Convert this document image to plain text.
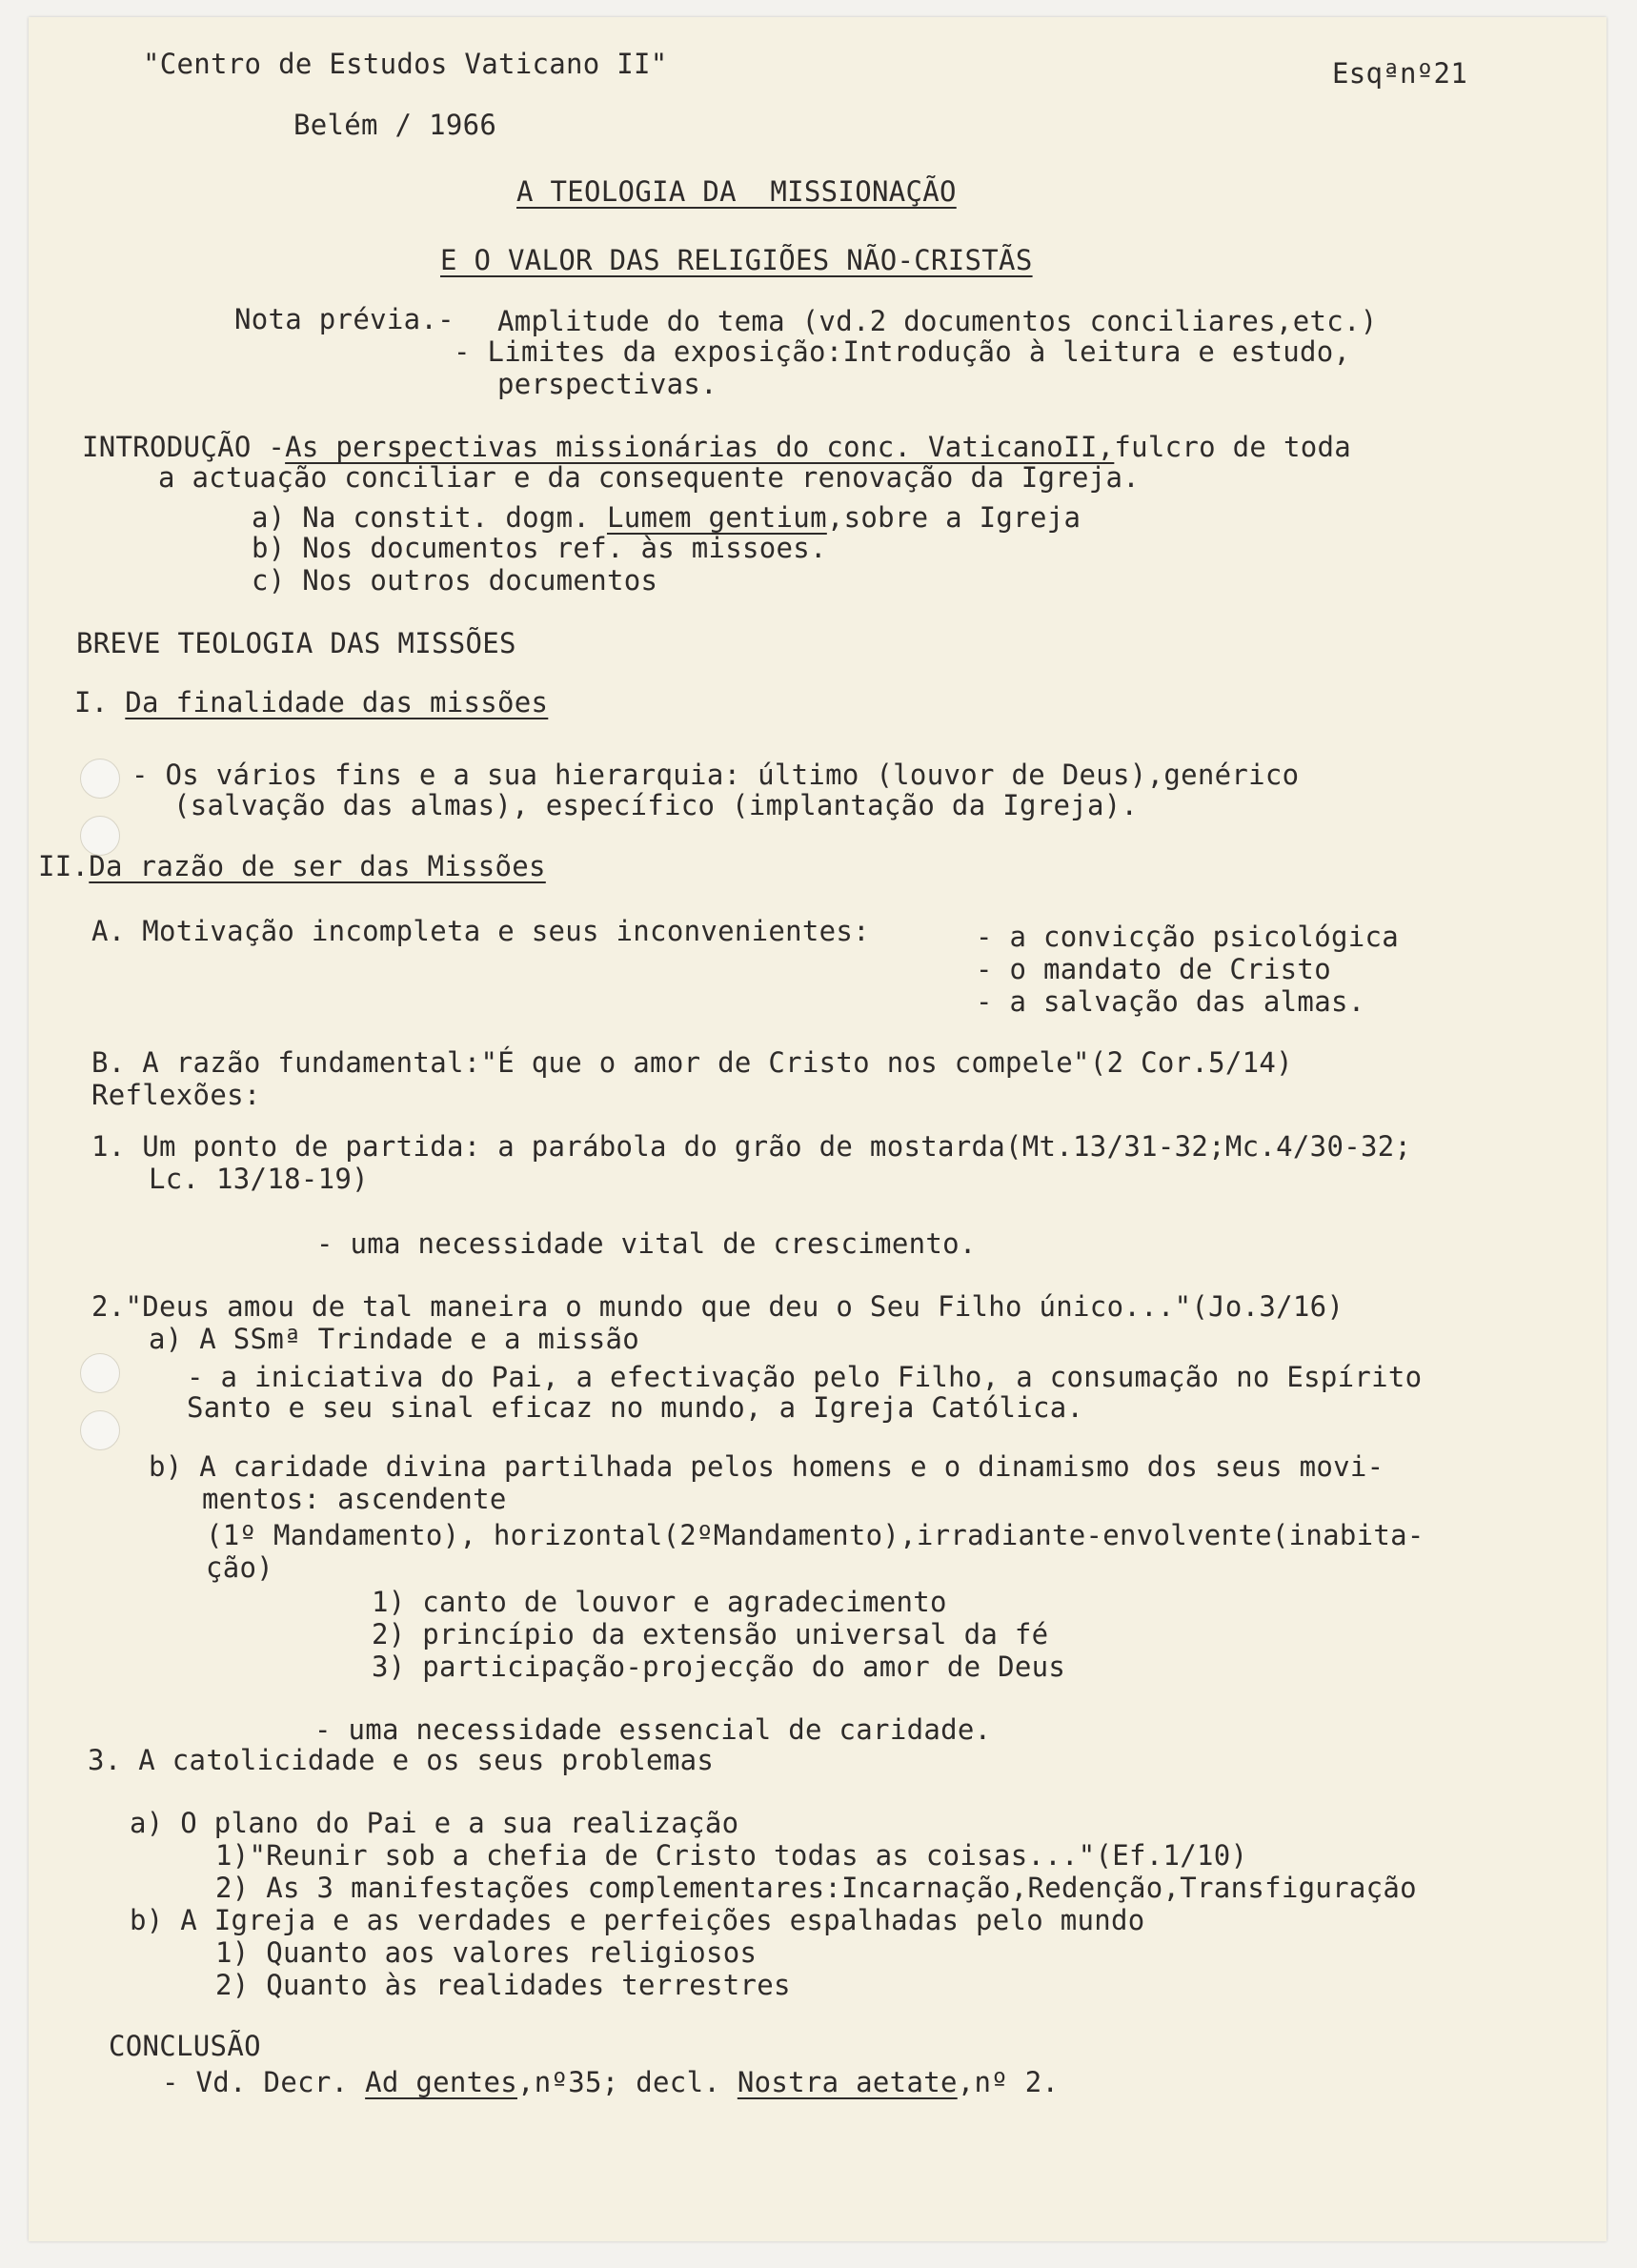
"Centro de Estudos Vaticano II"	Esqªnº21
Belém / 1966
A TEOLOGIA DA  MISSIONAÇÃO
E O VALOR DAS RELIGIÕES NÃO-CRISTÃS
Nota prévia.- Amplitude do tema (vd.2 documentos conciliares,etc.)
- Limites da exposição:Introdução à leitura e estudo,
perspectivas.
INTRODUÇÃO -As perspectivas missionárias do conc. VaticanoII,fulcro de toda
a actuação conciliar e da consequente renovação da Igreja.
a) Na constit. dogm. Lumem gentium,sobre a Igreja
b) Nos documentos ref. às missoes.
c) Nos outros documentos
BREVE TEOLOGIA DAS MISSÕES
I. Da finalidade das missões
- Os vários fins e a sua hierarquia: último (louvor de Deus),genérico
(salvação das almas), específico (implantação da Igreja).
II.Da razão de ser das Missões
A. Motivação incompleta e seus inconvenientes:	- a convicção psicológica
- o mandato de Cristo
- a salvação das almas.
B. A razão fundamental:"É que o amor de Cristo nos compele"(2 Cor.5/14)
Reflexões:
1. Um ponto de partida: a parábola do grão de mostarda(Mt.13/31-32;Mc.4/30-32;
Lc. 13/18-19)
- uma necessidade vital de crescimento.
2."Deus amou de tal maneira o mundo que deu o Seu Filho único..."(Jo.3/16)
a) A SSmª Trindade e a missão
- a iniciativa do Pai, a efectivação pelo Filho, a consumação no Espírito
Santo e seu sinal eficaz no mundo, a Igreja Católica.
b) A caridade divina partilhada pelos homens e o dinamismo dos seus movi-
mentos: ascendente
(1º Mandamento), horizontal(2ºMandamento),irradiante-envolvente(inabita-
ção)
1) canto de louvor e agradecimento
2) princípio da extensão universal da fé
3) participação-projecção do amor de Deus
- uma necessidade essencial de caridade.
3. A catolicidade e os seus problemas
a) O plano do Pai e a sua realização
1)"Reunir sob a chefia de Cristo todas as coisas..."(Ef.1/10)
2) As 3 manifestações complementares:Incarnação,Redenção,Transfiguração
b) A Igreja e as verdades e perfeições espalhadas pelo mundo
1) Quanto aos valores religiosos
2) Quanto às realidades terrestres
CONCLUSÃO
- Vd. Decr. Ad gentes,nº35; decl. Nostra aetate,nº 2.
